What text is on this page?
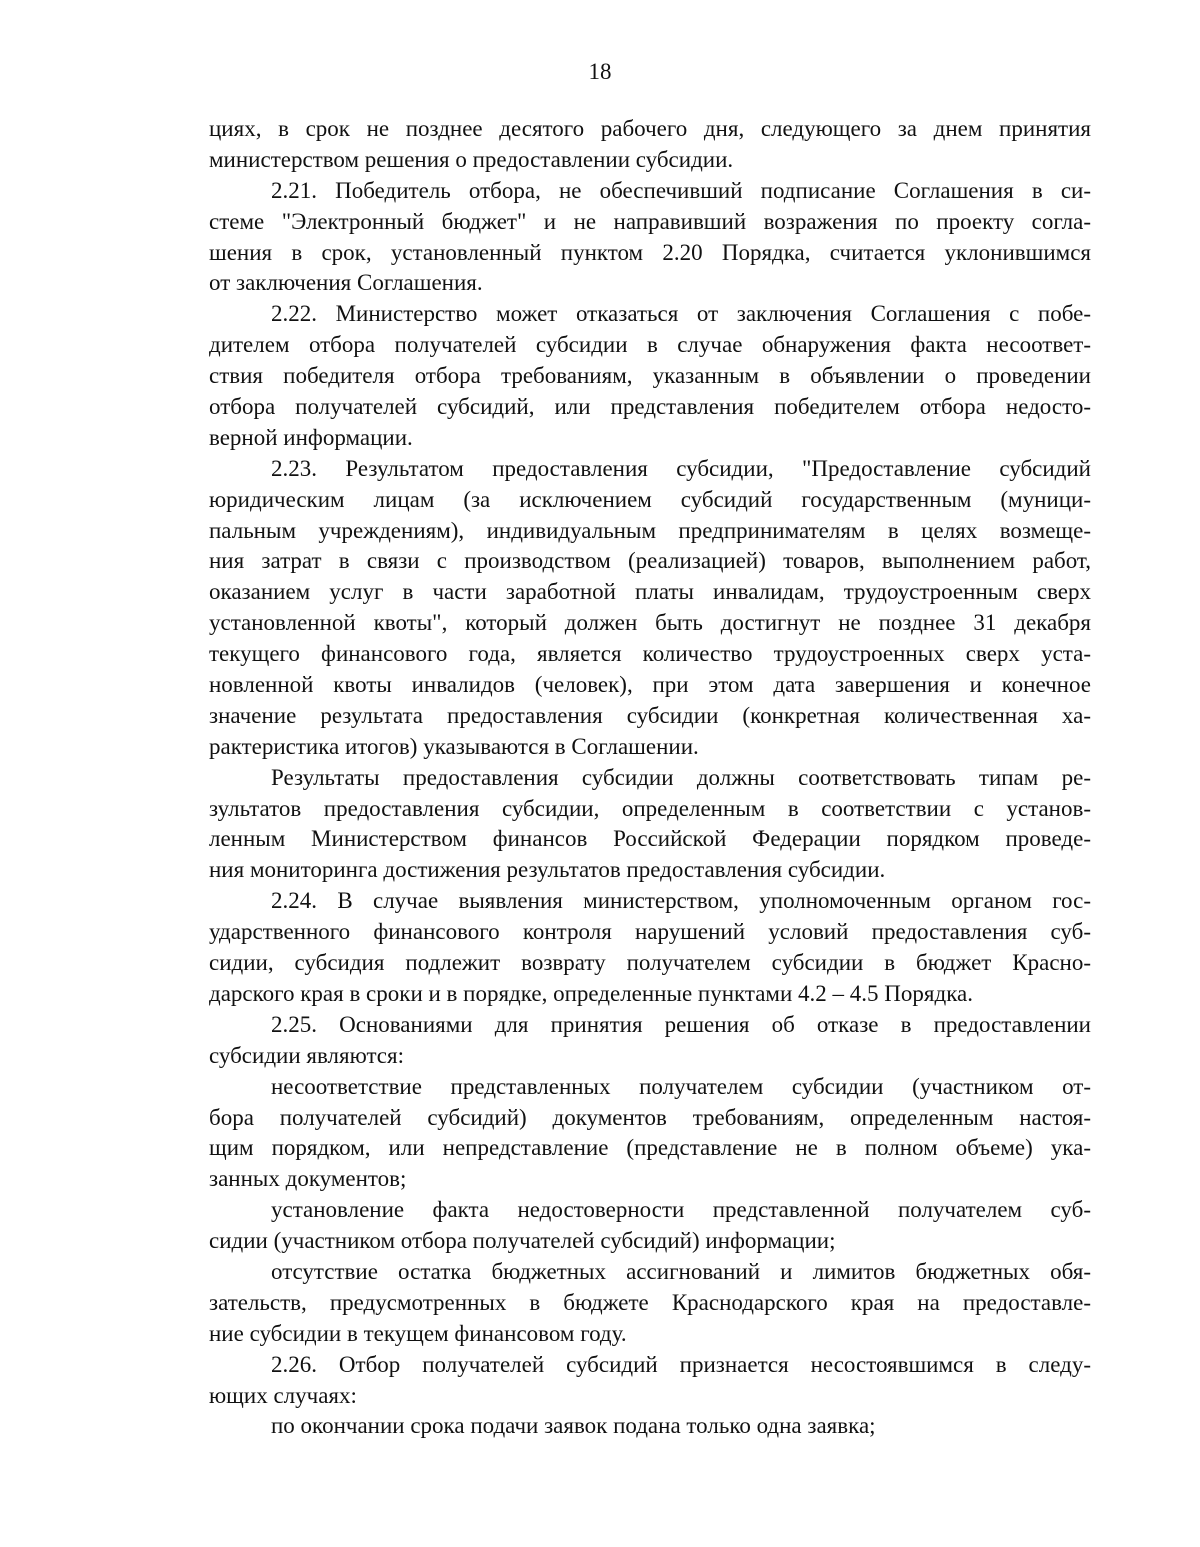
18
циях, в срок не позднее десятого рабочего дня, следующего за днем принятия
министерством решения о предоставлении субсидии.
2.21. Победитель отбора, не обеспечивший подписание Соглашения в си-
стеме "Электронный бюджет" и не направивший возражения по проекту согла-
шения в срок, установленный пунктом 2.20 Порядка, считается уклонившимся
от заключения Соглашения.
2.22. Министерство может отказаться от заключения Соглашения с побе-
дителем отбора получателей субсидии в случае обнаружения факта несоответ-
ствия победителя отбора требованиям, указанным в объявлении о проведении
отбора получателей субсидий, или представления победителем отбора недосто-
верной информации.
2.23. Результатом предоставления субсидии, "Предоставление субсидий
юридическим лицам (за исключением субсидий государственным (муници-
пальным учреждениям), индивидуальным предпринимателям в целях возмеще-
ния затрат в связи с производством (реализацией) товаров, выполнением работ,
оказанием услуг в части заработной платы инвалидам, трудоустроенным сверх
установленной квоты", который должен быть достигнут не позднее 31 декабря
текущего финансового года, является количество трудоустроенных сверх уста-
новленной квоты инвалидов (человек), при этом дата завершения и конечное
значение результата предоставления субсидии (конкретная количественная ха-
рактеристика итогов) указываются в Соглашении.
Результаты предоставления субсидии должны соответствовать типам ре-
зультатов предоставления субсидии, определенным в соответствии с установ-
ленным Министерством финансов Российской Федерации порядком проведе-
ния мониторинга достижения результатов предоставления субсидии.
2.24. В случае выявления министерством, уполномоченным органом гос-
ударственного финансового контроля нарушений условий предоставления суб-
сидии, субсидия подлежит возврату получателем субсидии в бюджет Красно-
дарского края в сроки и в порядке, определенные пунктами 4.2 – 4.5 Порядка.
2.25. Основаниями для принятия решения об отказе в предоставлении
субсидии являются:
несоответствие представленных получателем субсидии (участником от-
бора получателей субсидий) документов требованиям, определенным настоя-
щим порядком, или непредставление (представление не в полном объеме) ука-
занных документов;
установление факта недостоверности представленной получателем суб-
сидии (участником отбора получателей субсидий) информации;
отсутствие остатка бюджетных ассигнований и лимитов бюджетных обя-
зательств, предусмотренных в бюджете Краснодарского края на предоставле-
ние субсидии в текущем финансовом году.
2.26. Отбор получателей субсидий признается несостоявшимся в следу-
ющих случаях:
по окончании срока подачи заявок подана только одна заявка;
